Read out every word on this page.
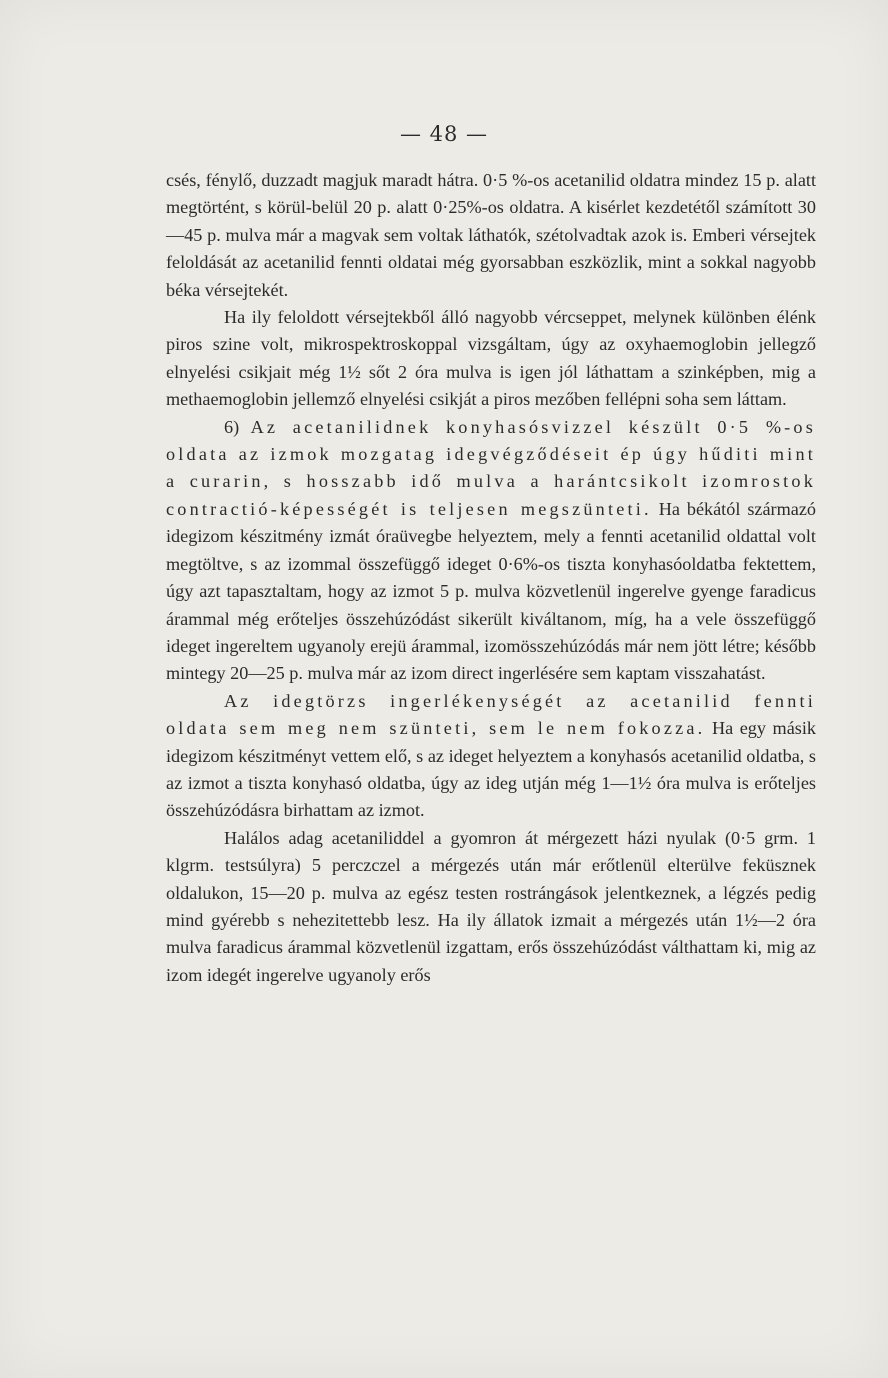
— 48 —

csés, fénylő, duzzadt magjuk maradt hátra. 0·5 %-os acetanilid oldatra mindez 15 p. alatt megtörtént, s körül-belül 20 p. alatt 0·25%-os oldatra. A kisérlet kezdetétől számított 30—45 p. mulva már a magvak sem voltak láthatók, szétolvadtak azok is. Emberi vérsejtek feloldását az acetanilid fennti oldatai még gyorsabban eszközlik, mint a sokkal nagyobb béka vérsejtekét.

Ha ily feloldott vérsejtekből álló nagyobb vércseppet, melynek különben élénk piros szine volt, mikrospektroskoppal vizsgáltam, úgy az oxyhaemoglobin jellegző elnyelési csikjait még 1½ sőt 2 óra mulva is igen jól láthattam a szinképben, mig a methaemoglobin jellemző elnyelési csikját a piros mezőben fellépni soha sem láttam.

6) Az acetanilidnek konyhasósvizzel készült 0·5 %-os oldata az izmok mozgatag idegvégződéseit ép úgy hűditi mint a curarin, s hosszabb idő mulva a harántcsikolt izomrostok contractió-képességét is teljesen megszünteti. Ha békától származó idegizom készitmény izmát óraüvegbe helyeztem, mely a fennti acetanilid oldattal volt megtöltve, s az izommal összefüggő ideget 0·6%-os tiszta konyhasóoldatba fektettem, úgy azt tapasztaltam, hogy az izmot 5 p. mulva közvetlenül ingerelve gyenge faradicus árammal még erőteljes összehúzódást sikerült kiváltanom, míg, ha a vele összefüggő ideget ingereltem ugyanoly erejü árammal, izomösszehúzódás már nem jött létre; később mintegy 20—25 p. mulva már az izom direct ingerlésére sem kaptam visszahatást.

Az idegtörzs ingerlékenységét az acetanilid fennti oldata sem meg nem szünteti, sem le nem fokozza. Ha egy másik idegizom készitményt vettem elő, s az ideget helyeztem a konyhasós acetanilid oldatba, s az izmot a tiszta konyhasó oldatba, úgy az ideg utján még 1—1½ óra mulva is erőteljes összehúzódásra birhattam az izmot.

Halálos adag acetaniliddel a gyomron át mérgezett házi nyulak (0·5 grm. 1 klgrm. testsúlyra) 5 perczczel a mérgezés után már erőtlenül elterülve feküsznek oldalukon, 15—20 p. mulva az egész testen rostrángások jelentkeznek, a légzés pedig mind gyérebb s nehezitettebb lesz. Ha ily állatok izmait a mérgezés után 1½—2 óra mulva faradicus árammal közvetlenül izgattam, erős összehúzódást válthattam ki, mig az izom idegét ingerelve ugyanoly erős
